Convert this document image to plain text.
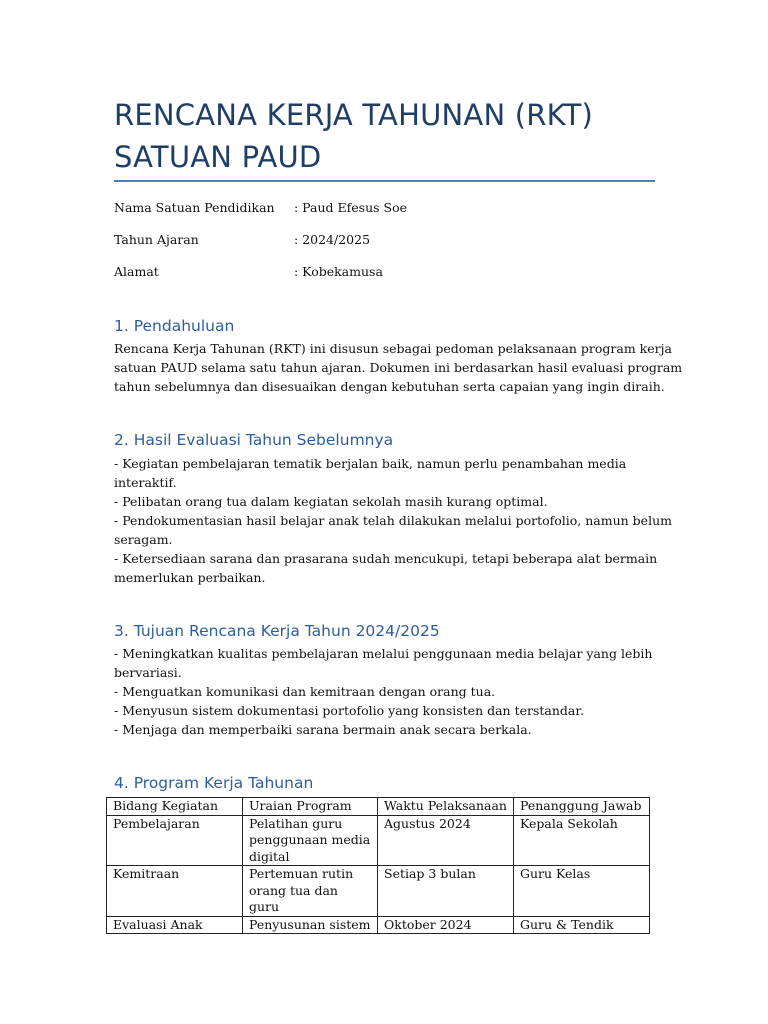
RENCANA KERJA TAHUNAN (RKT)
SATUAN PAUD
Nama Satuan Pendidikan : Paud Efesus Soe
Tahun Ajaran	: 2024/2025
Alamat	: Kobekamusa
1. Pendahuluan
Rencana Kerja Tahunan (RKT) ini disusun sebagai pedoman pelaksanaan program kerja
satuan PAUD selama satu tahun ajaran. Dokumen ini berdasarkan hasil evaluasi program
tahun sebelumnya dan disesuaikan dengan kebutuhan serta capaian yang ingin diraih.
2. Hasil Evaluasi Tahun Sebelumnya
- Kegiatan pembelajaran tematik berjalan baik, namun perlu penambahan media
interaktif.
- Pelibatan orang tua dalam kegiatan sekolah masih kurang optimal.
- Pendokumentasian hasil belajar anak telah dilakukan melalui portofolio, namun belum
seragam.
- Ketersediaan sarana dan prasarana sudah mencukupi, tetapi beberapa alat bermain
memerlukan perbaikan.
3. Tujuan Rencana Kerja Tahun 2024/2025
- Meningkatkan kualitas pembelajaran melalui penggunaan media belajar yang lebih
bervariasi.
- Menguatkan komunikasi dan kemitraan dengan orang tua.
- Menyusun sistem dokumentasi portofolio yang konsisten dan terstandar.
- Menjaga dan memperbaiki sarana bermain anak secara berkala.
4. Program Kerja Tahunan
Bidang Kegiatan	Uraian Program	Waktu Pelaksanaan	Penanggung Jawab
Pembelajaran	Pelatihan guru
penggunaan media
digital	Agustus 2024	Kepala Sekolah
Kemitraan	Pertemuan rutin
orang tua dan guru	Setiap 3 bulan	Guru Kelas
Evaluasi Anak	Penyusunan sistem	Oktober 2024	Guru & Tendik
